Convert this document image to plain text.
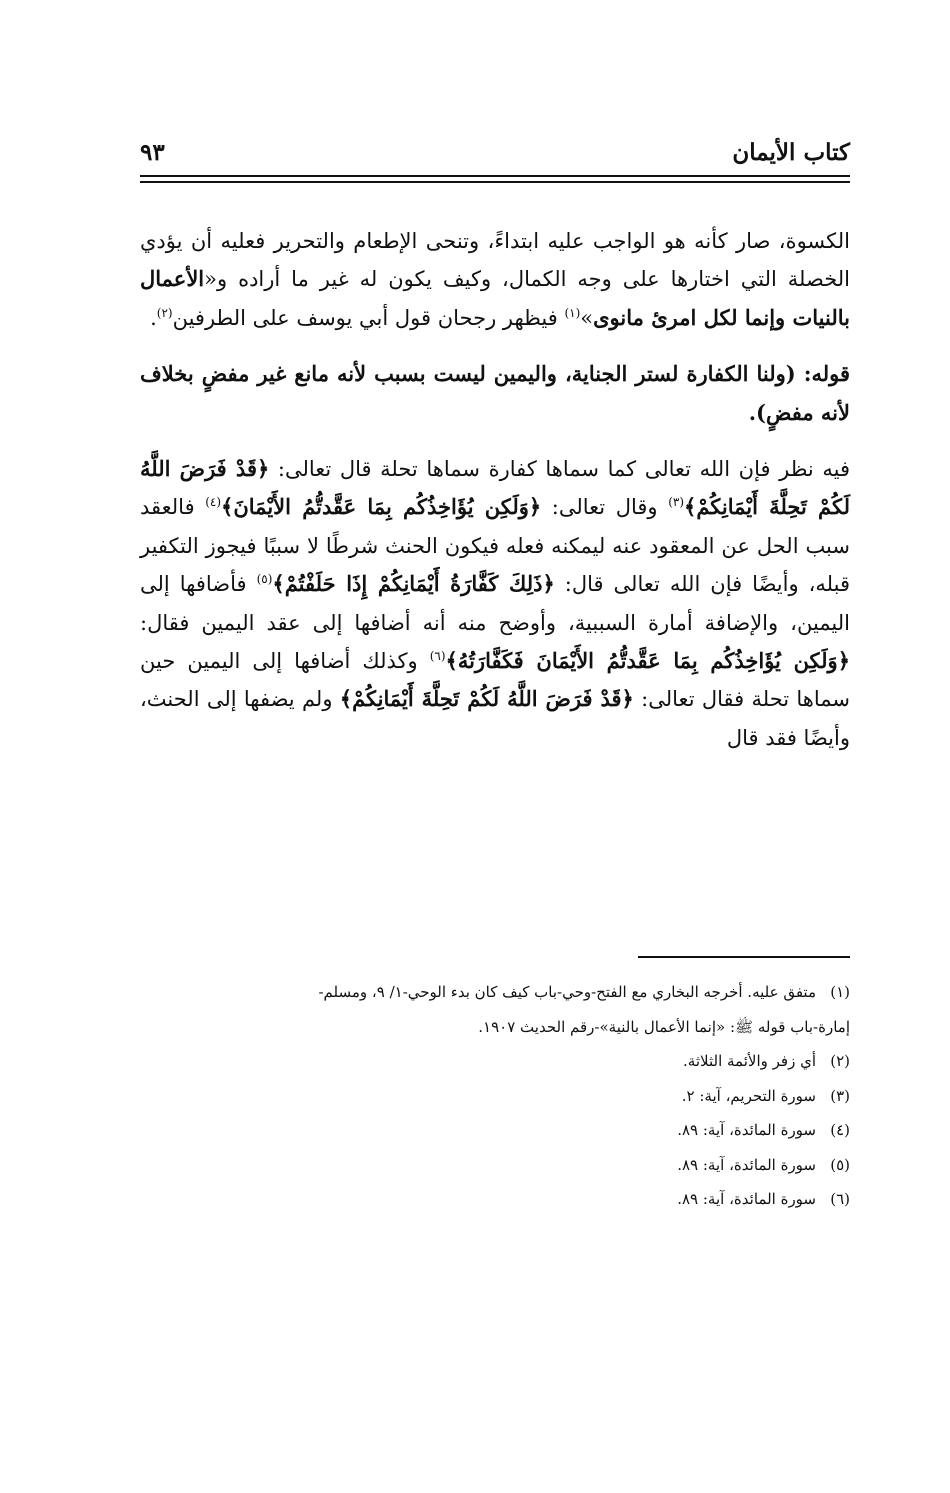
كتاب الأيمان
٩٣

الكسوة، صار كأنه هو الواجب عليه ابتداءً، وتنحى الإطعام والتحرير فعليه أن يؤدي الخصلة التي اختارها على وجه الكمال، وكيف يكون له غير ما أراده و«الأعمال بالنيات وإنما لكل امرئ مانوى»$^{(١)}$ فيظهر رجحان قول أبي يوسف على الطرفين$^{(٢)}$.

قوله: (ولنا الكفارة لستر الجناية، واليمين ليست بسبب لأنه مانع غير مفضٍ بخلاف لأنه مفضٍ).

فيه نظر فإن الله تعالى كما سماها كفارة سماها تحلة قال تعالى: ﴿قَدْ فَرَضَ اللَّهُ لَكُمْ تَحِلَّةَ أَيْمَانِكُمْ﴾$^{(٣)}$ وقال تعالى: ﴿وَلَكِن يُؤَاخِذُكُم بِمَا عَقَّدتُّمُ الأَيْمَانَ﴾$^{(٤)}$ فالعقد سبب الحل عن المعقود عنه ليمكنه فعله فيكون الحنث شرطًا لا سببًا فيجوز التكفير قبله، وأيضًا فإن الله تعالى قال: ﴿ذَلِكَ كَفَّارَةُ أَيْمَانِكُمْ إِذَا حَلَفْتُمْ﴾$^{(٥)}$ فأضافها إلى اليمين، والإضافة أمارة السببية، وأوضح منه أنه أضافها إلى عقد اليمين فقال: ﴿وَلَكِن يُؤَاخِذُكُم بِمَا عَقَّدتُّمُ الأَيْمَانَ فَكَفَّارَتُهُ﴾$^{(٦)}$ وكذلك أضافها إلى اليمين حين سماها تحلة فقال تعالى: ﴿قَدْ فَرَضَ اللَّهُ لَكُمْ تَحِلَّةَ أَيْمَانِكُمْ﴾ ولم يضفها إلى الحنث، وأيضًا فقد قال

(١)
متفق عليه. أخرجه البخاري مع الفتح-وحي-باب كيف كان بدء الوحي-١/ ٩، ومسلم-

إمارة-باب قوله ﷺ: «إنما الأعمال بالنية»-رقم الحديث ١٩٠٧.

(٢)
أي زفر والأئمة الثلاثة.
(٣)
سورة التحريم، آية: ٢.
(٤)
سورة المائدة، آية: ٨٩.
(٥)
سورة المائدة، آية: ٨٩.
(٦)
سورة المائدة، آية: ٨٩.
